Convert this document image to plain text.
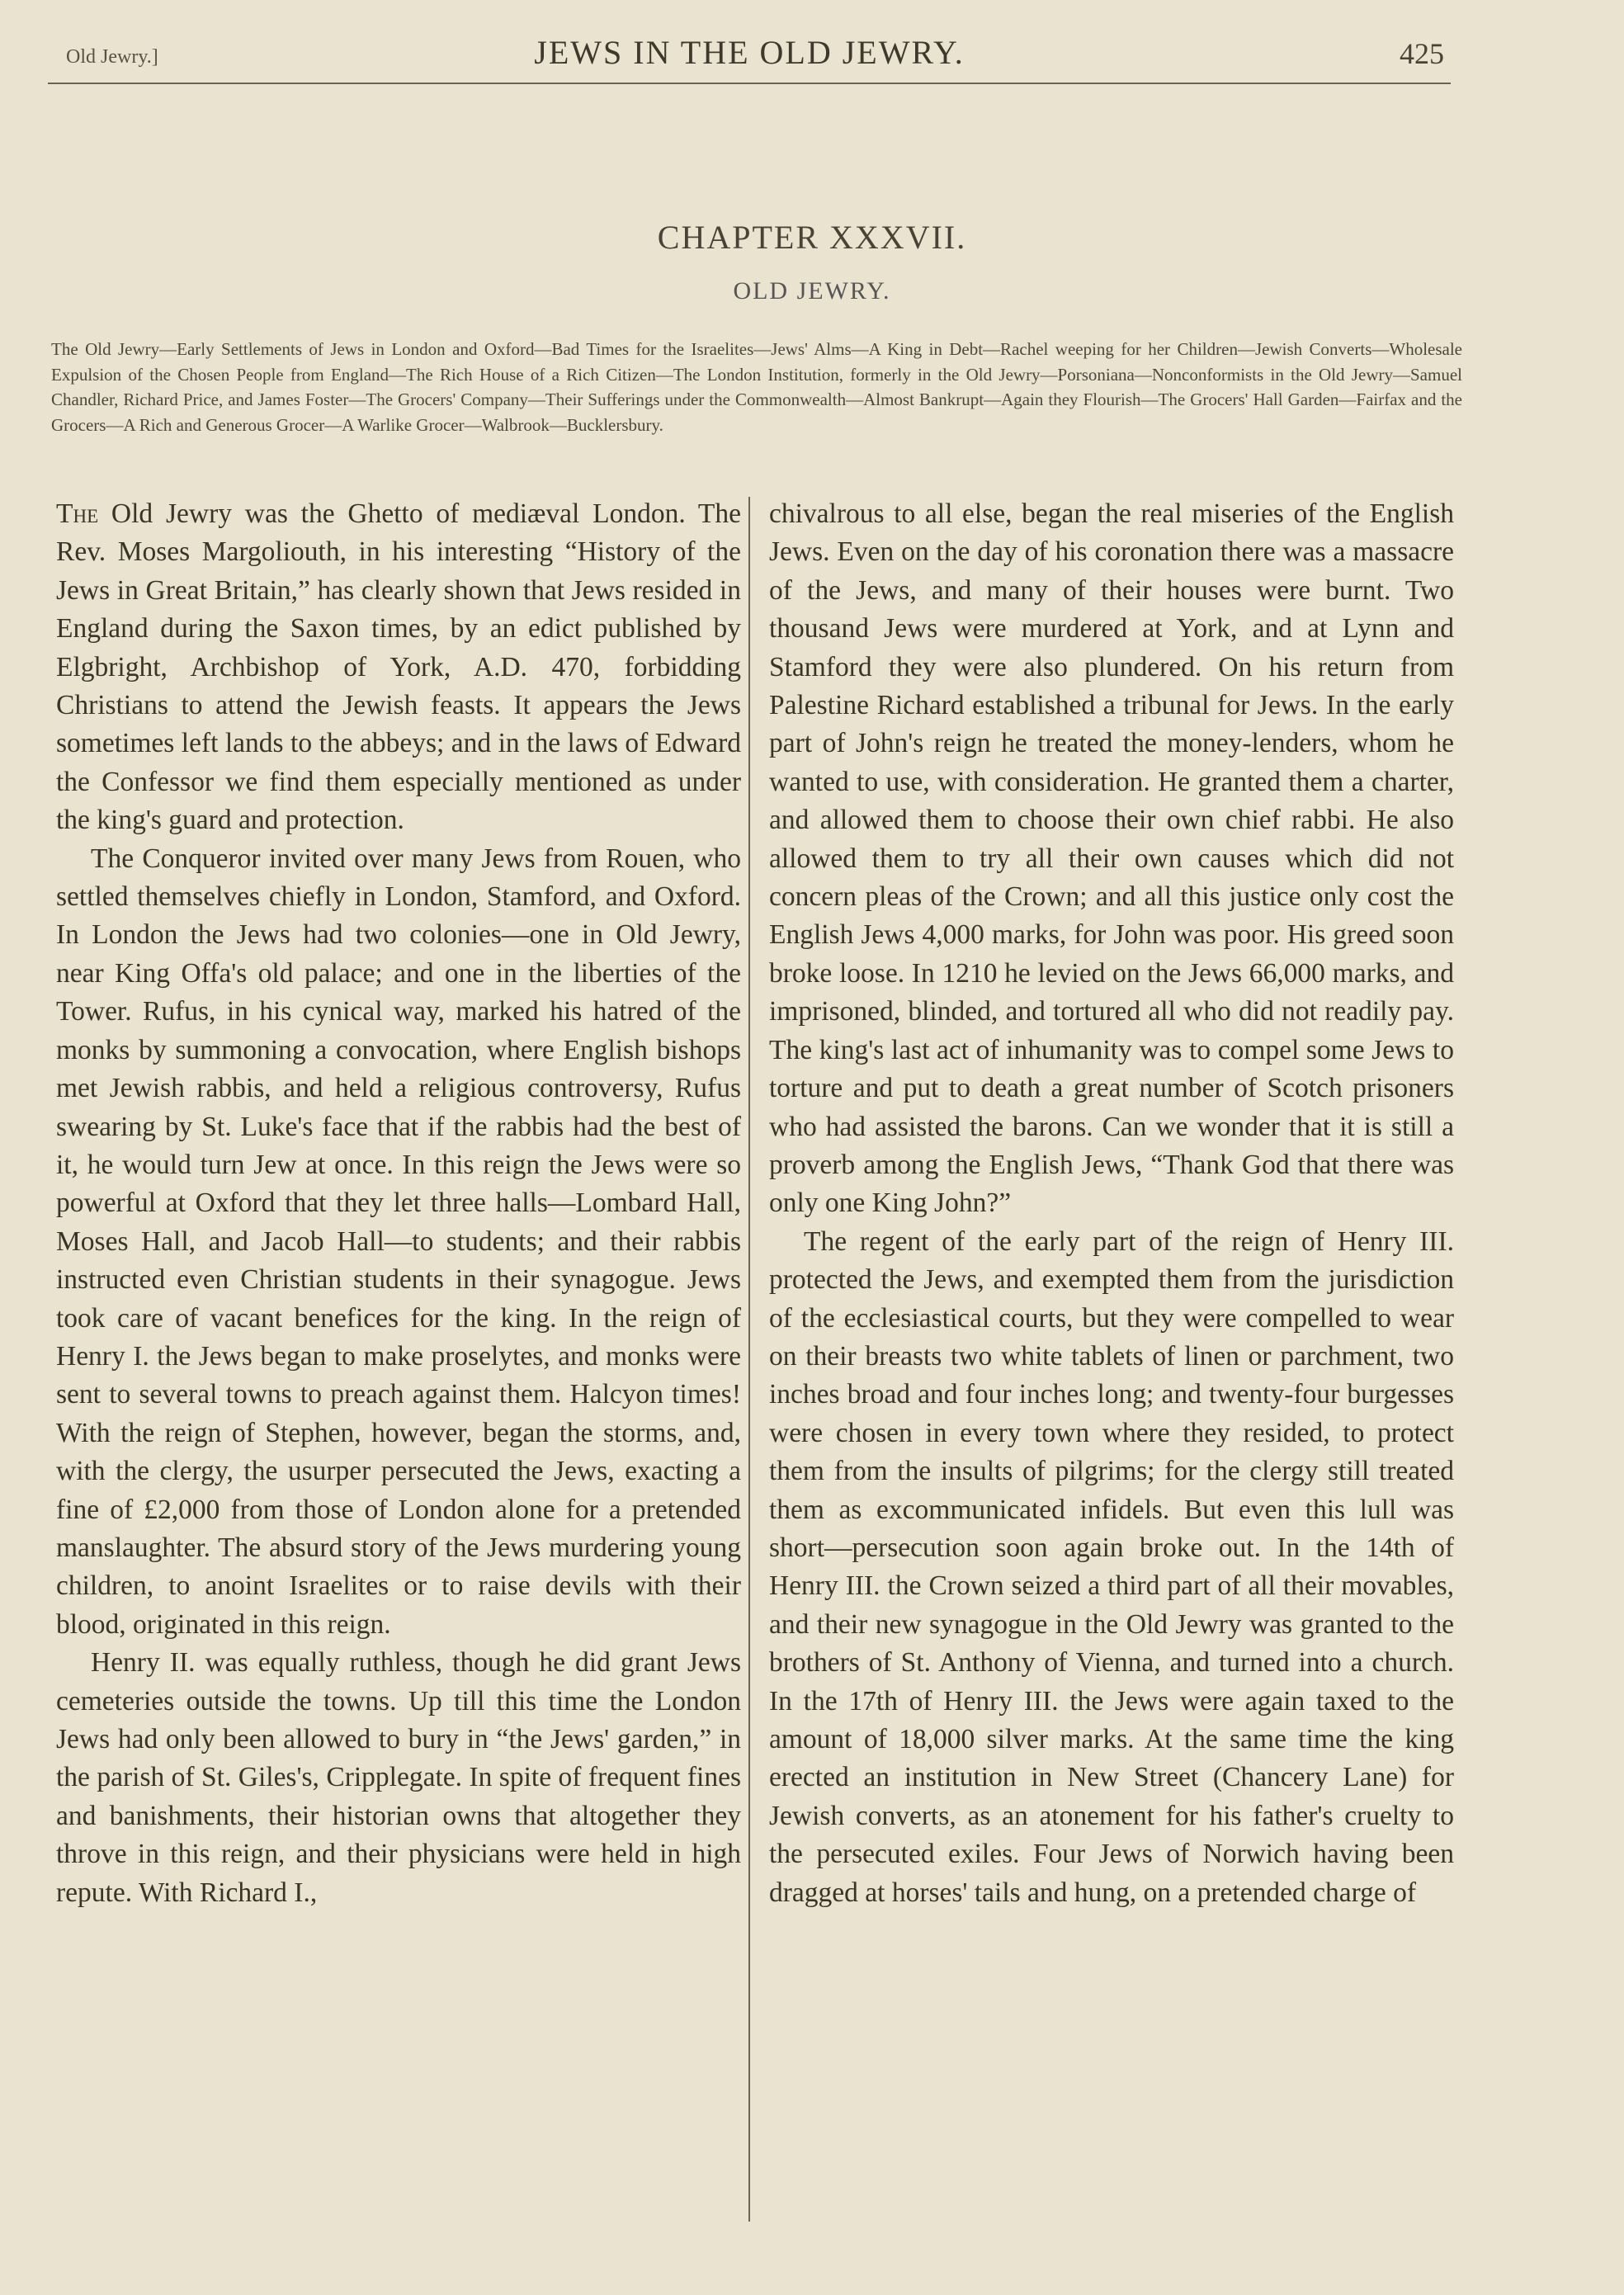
Old Jewry.]	JEWS IN THE OLD JEWRY.	425
CHAPTER XXXVII.
OLD JEWRY.
The Old Jewry—Early Settlements of Jews in London and Oxford—Bad Times for the Israelites—Jews' Alms—A King in Debt—Rachel weeping for her Children—Jewish Converts—Wholesale Expulsion of the Chosen People from England—The Rich House of a Rich Citizen—The London Institution, formerly in the Old Jewry—Porsoniana—Nonconformists in the Old Jewry—Samuel Chandler, Richard Price, and James Foster—The Grocers' Company—Their Sufferings under the Commonwealth—Almost Bankrupt—Again they Flourish—The Grocers' Hall Garden—Fairfax and the Grocers—A Rich and Generous Grocer—A Warlike Grocer—Walbrook—Bucklersbury.

The Old Jewry was the Ghetto of mediæval London. The Rev. Moses Margoliouth, in his interesting “History of the Jews in Great Britain,” has clearly shown that Jews resided in England during the Saxon times, by an edict published by Elgbright, Archbishop of York, A.D. 470, forbidding Christians to attend the Jewish feasts. It appears the Jews sometimes left lands to the abbeys; and in the laws of Edward the Confessor we find them especially mentioned as under the king's guard and protection.

The Conqueror invited over many Jews from Rouen, who settled themselves chiefly in London, Stamford, and Oxford. In London the Jews had two colonies—one in Old Jewry, near King Offa's old palace; and one in the liberties of the Tower. Rufus, in his cynical way, marked his hatred of the monks by summoning a convocation, where English bishops met Jewish rabbis, and held a religious controversy, Rufus swearing by St. Luke's face that if the rabbis had the best of it, he would turn Jew at once. In this reign the Jews were so powerful at Oxford that they let three halls—Lombard Hall, Moses Hall, and Jacob Hall—to students; and their rabbis instructed even Christian students in their synagogue. Jews took care of vacant benefices for the king. In the reign of Henry I. the Jews began to make proselytes, and monks were sent to several towns to preach against them. Halcyon times! With the reign of Stephen, however, began the storms, and, with the clergy, the usurper persecuted the Jews, exacting a fine of £2,000 from those of London alone for a pretended manslaughter. The absurd story of the Jews murdering young children, to anoint Israelites or to raise devils with their blood, originated in this reign.

Henry II. was equally ruthless, though he did grant Jews cemeteries outside the towns. Up till this time the London Jews had only been allowed to bury in “the Jews' garden,” in the parish of St. Giles's, Cripplegate. In spite of frequent fines and banishments, their historian owns that altogether they throve in this reign, and their physicians were held in high repute. With Richard I.,

chivalrous to all else, began the real miseries of the English Jews. Even on the day of his coronation there was a massacre of the Jews, and many of their houses were burnt. Two thousand Jews were murdered at York, and at Lynn and Stamford they were also plundered. On his return from Palestine Richard established a tribunal for Jews. In the early part of John's reign he treated the money-lenders, whom he wanted to use, with consideration. He granted them a charter, and allowed them to choose their own chief rabbi. He also allowed them to try all their own causes which did not concern pleas of the Crown; and all this justice only cost the English Jews 4,000 marks, for John was poor. His greed soon broke loose. In 1210 he levied on the Jews 66,000 marks, and imprisoned, blinded, and tortured all who did not readily pay. The king's last act of inhumanity was to compel some Jews to torture and put to death a great number of Scotch prisoners who had assisted the barons. Can we wonder that it is still a proverb among the English Jews, “Thank God that there was only one King John?”

The regent of the early part of the reign of Henry III. protected the Jews, and exempted them from the jurisdiction of the ecclesiastical courts, but they were compelled to wear on their breasts two white tablets of linen or parchment, two inches broad and four inches long; and twenty-four burgesses were chosen in every town where they resided, to protect them from the insults of pilgrims; for the clergy still treated them as excommunicated infidels. But even this lull was short—persecution soon again broke out. In the 14th of Henry III. the Crown seized a third part of all their movables, and their new synagogue in the Old Jewry was granted to the brothers of St. Anthony of Vienna, and turned into a church. In the 17th of Henry III. the Jews were again taxed to the amount of 18,000 silver marks. At the same time the king erected an institution in New Street (Chancery Lane) for Jewish converts, as an atonement for his father's cruelty to the persecuted exiles. Four Jews of Norwich having been dragged at horses' tails and hung, on a pretended charge of
